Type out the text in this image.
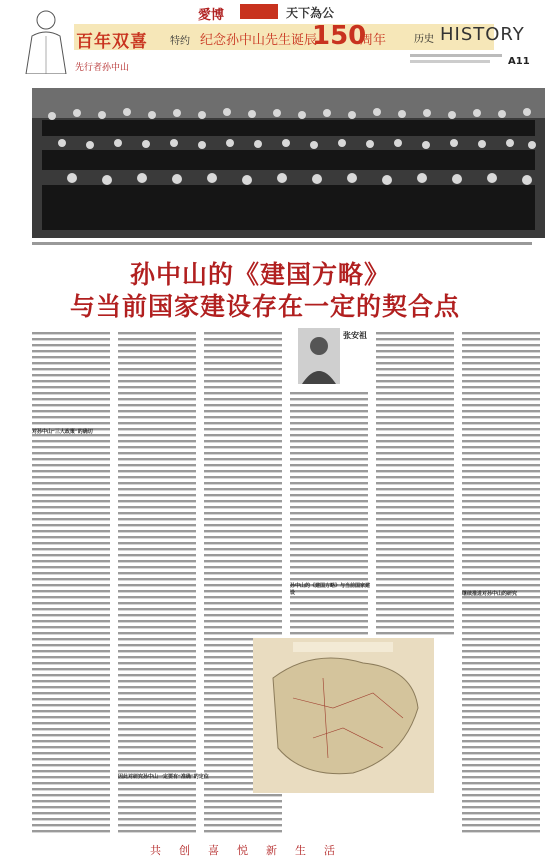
愛博	天下為公
百年双喜 特约 纪念孙中山先生诞辰
150
周年	历史 HISTORY
A11
先行者孙中山
孙中山的《建国方略》
与当前国家建设存在一定的契合点
张安祖
对孙中山“三大政策”的确切
孙中山的《建国方略》与当前国家建设
因此对研究孙中山一定要有“准确”的定位
继续推进对孙中山的研究
共创喜悦新生活
